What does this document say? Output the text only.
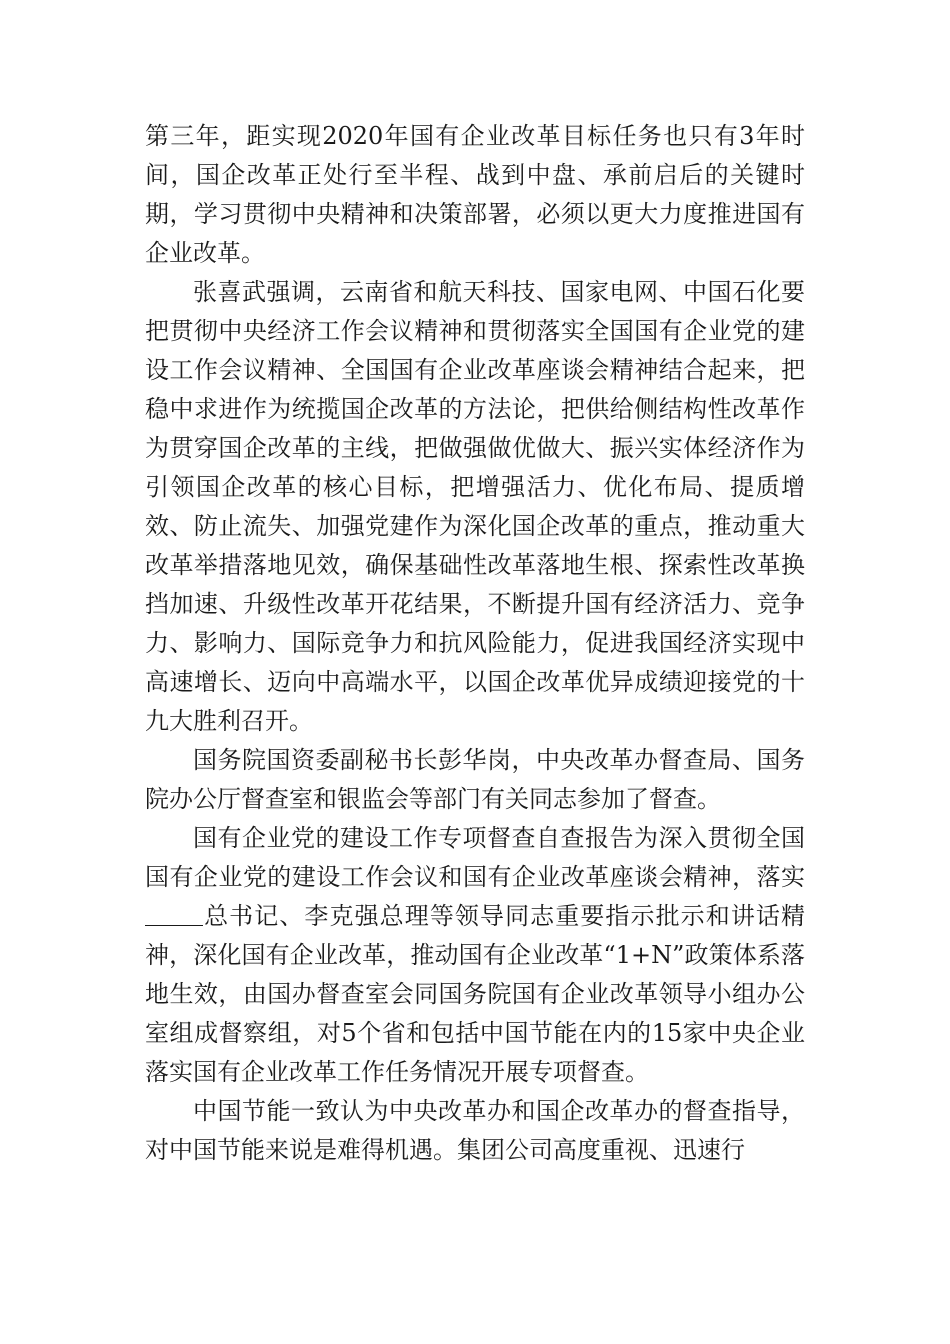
第三年，距实现2020年国有企业改革目标任务也只有3年时间，国企改革正处行至半程、战到中盘、承前启后的关键时期，学习贯彻中央精神和决策部署，必须以更大力度推进国有企业改革。

张喜武强调，云南省和航天科技、国家电网、中国石化要把贯彻中央经济工作会议精神和贯彻落实全国国有企业党的建设工作会议精神、全国国有企业改革座谈会精神结合起来，把稳中求进作为统揽国企改革的方法论，把供给侧结构性改革作为贯穿国企改革的主线，把做强做优做大、振兴实体经济作为引领国企改革的核心目标，把增强活力、优化布局、提质增效、防止流失、加强党建作为深化国企改革的重点，推动重大改革举措落地见效，确保基础性改革落地生根、探索性改革换挡加速、升级性改革开花结果，不断提升国有经济活力、竞争力、影响力、国际竞争力和抗风险能力，促进我国经济实现中高速增长、迈向中高端水平，以国企改革优异成绩迎接党的十九大胜利召开。

国务院国资委副秘书长彭华岗，中央改革办督查局、国务院办公厅督查室和银监会等部门有关同志参加了督查。

国有企业党的建设工作专项督查自查报告为深入贯彻全国国有企业党的建设工作会议和国有企业改革座谈会精神，落实总书记、李克强总理等领导同志重要指示批示和讲话精神，深化国有企业改革，推动国有企业改革“1+N”政策体系落地生效，由国办督查室会同国务院国有企业改革领导小组办公室组成督察组，对5个省和包括中国节能在内的15家中央企业落实国有企业改革工作任务情况开展专项督查。

中国节能一致认为中央改革办和国企改革办的督查指导，对中国节能来说是难得机遇。集团公司高度重视、迅速行
